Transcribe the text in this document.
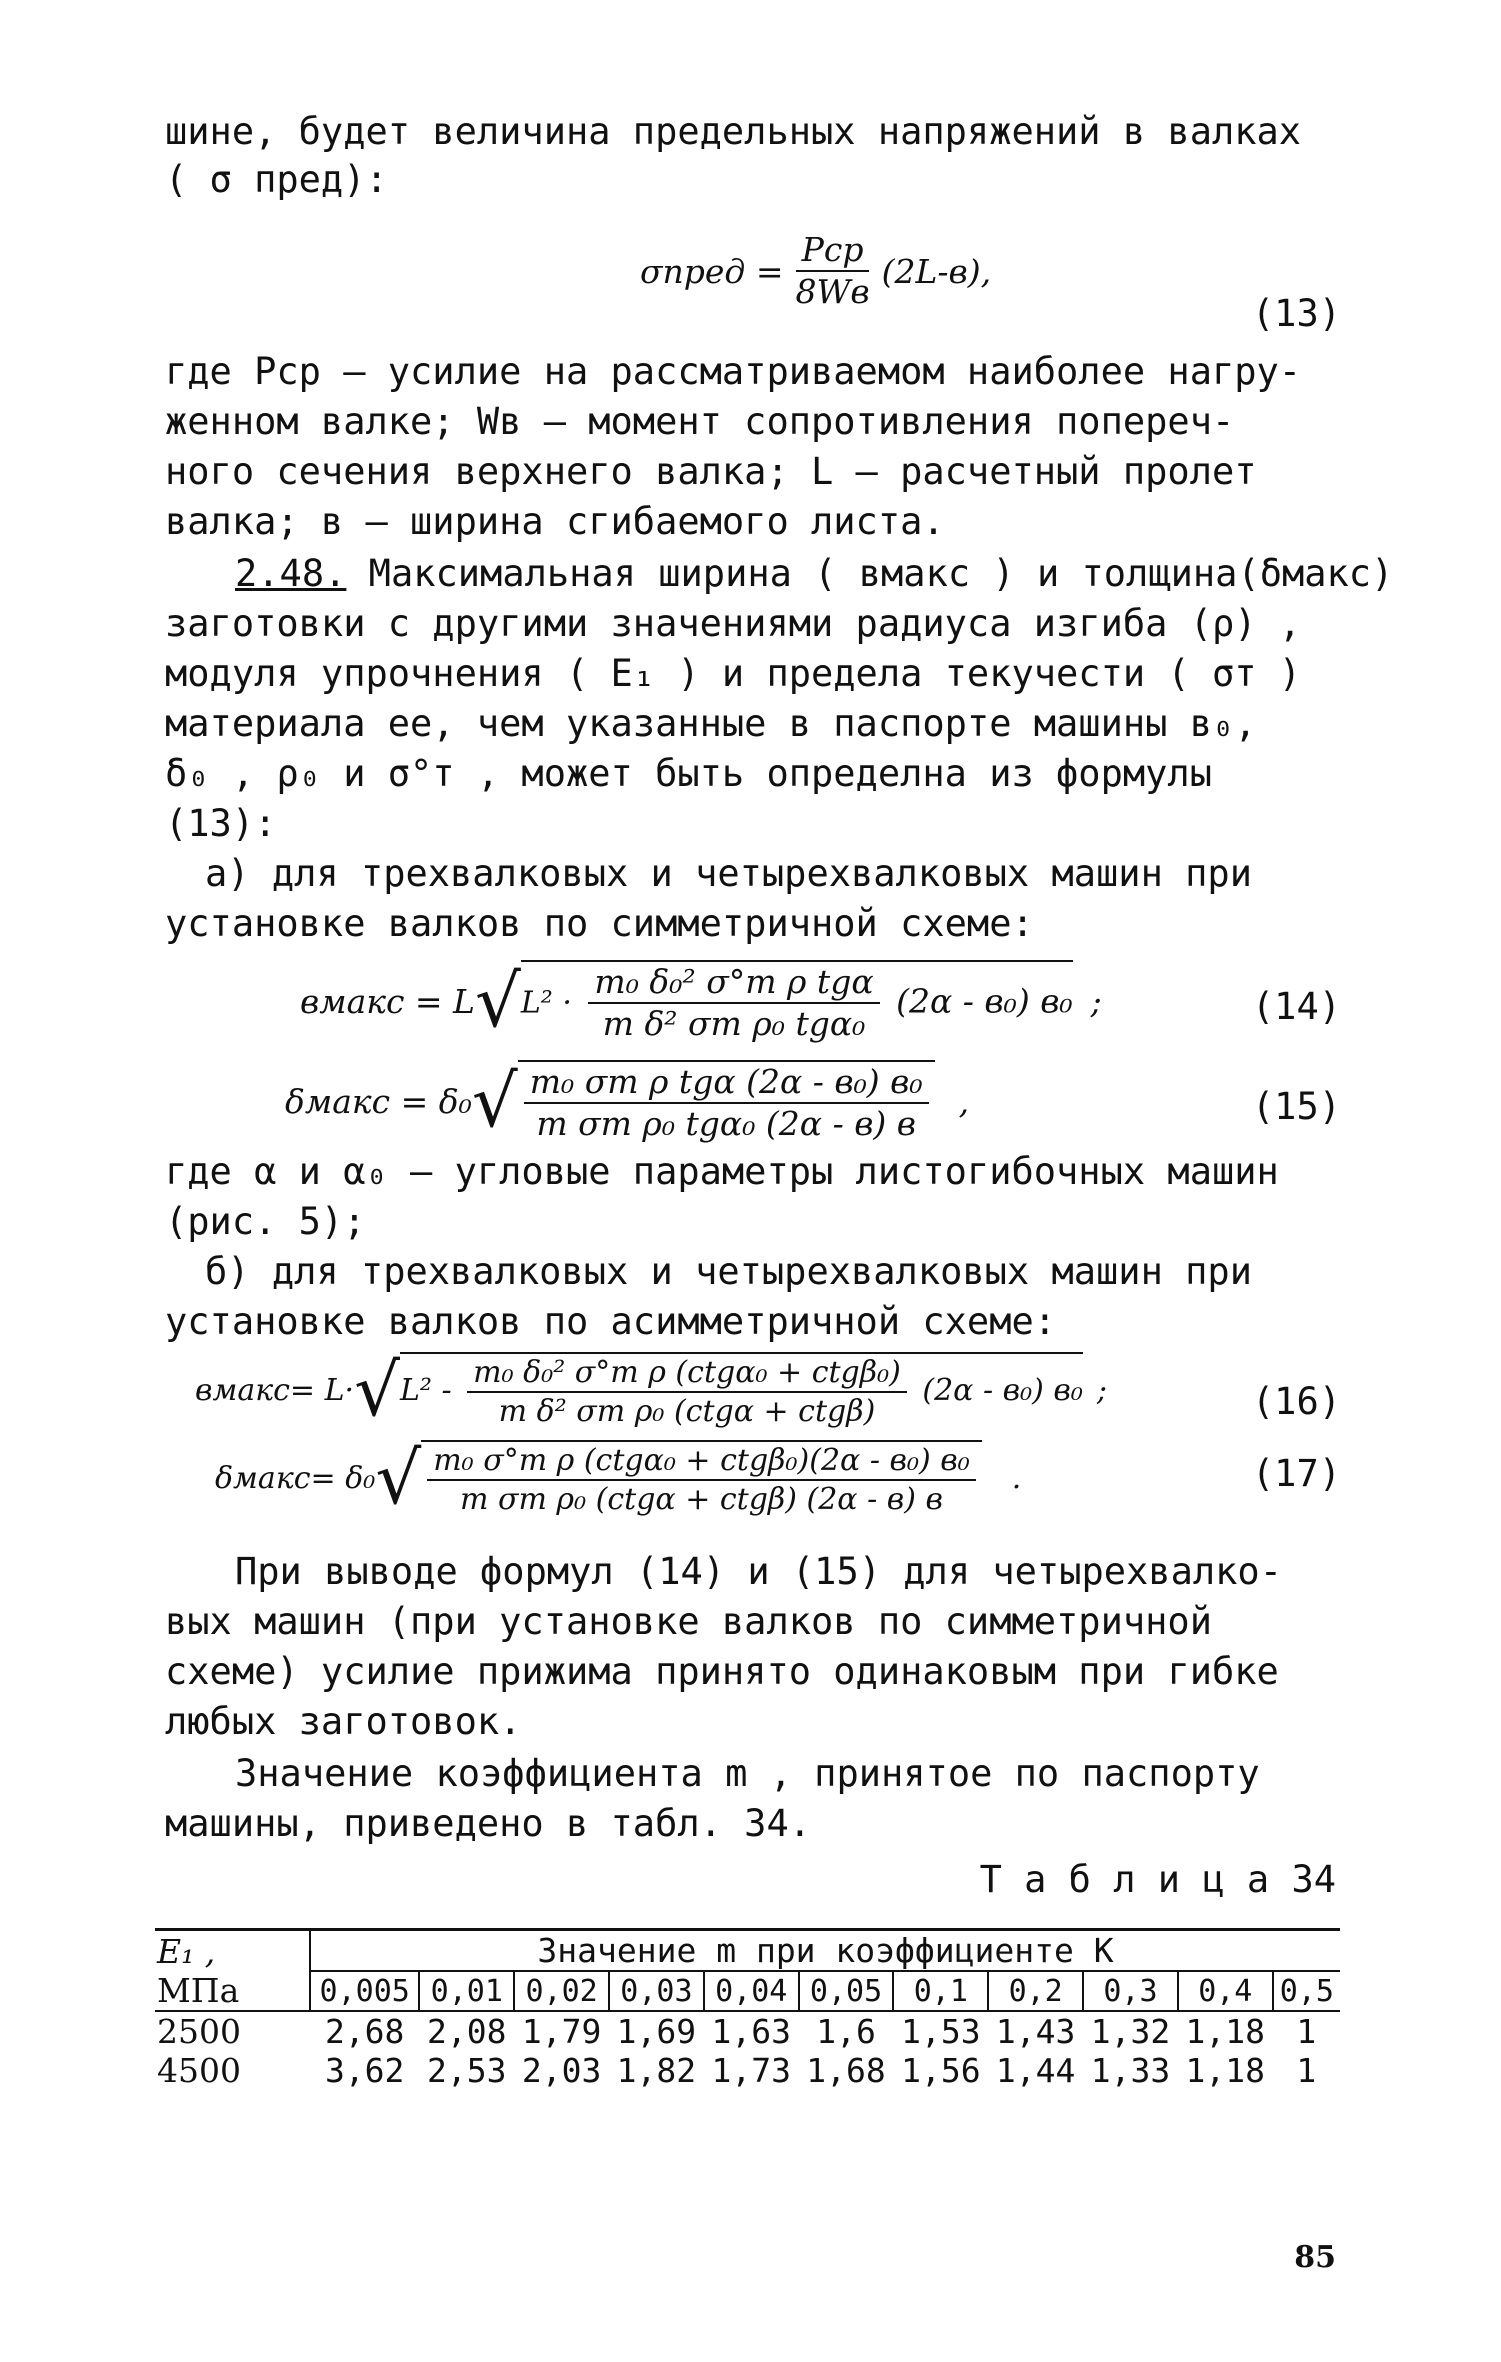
шине, будет величина предельных напряжений в валках
( σ пред):
σпред = $\frac{\text{Pср}}{8Wв} (2L-в)$,
(13)
где Pср – усилие на рассматриваемом наиболее нагру-
женном валке; Wв – момент сопротивления попереч-
ного сечения верхнего валка; L – расчетный пролет
валка; в – ширина сгибаемого листа.
2.48. Максимальная ширина ( вмакс ) и толщина(δмакс)
заготовки с другими значениями радиуса изгиба (ρ) ,
модуля упрочнения ( E₁ ) и предела текучести ( σт )
материала ее, чем указанные в паспорте машины в₀,
δ₀ , ρ₀ и σ°т , может быть определна из формулы
(13):
а) для трехвалковых и четырехвалковых машин при
установке валков по симметричной схеме:
вмакс = L √ $L^2 \cdot \frac{\text{m₀ δ₀² σ°т ρ tgα}}{\text{m δ² σт ρ₀ tgα₀}} (2\alpha - в_0)$ в₀ ;	(14)
δмакс = δ₀ √ $\frac{\text{m₀ σт ρ tgα (2α - в₀) в₀}}{\text{m σт ρ₀ tgα₀ (2α - в) в}}$ ,	(15)
где α и α₀ – угловые параметры листогибочных машин
(рис. 5);
б) для трехвалковых и четырехвалковых машин при
установке валков по асимметричной схеме:
вмакс= L· √ $L^2 - \frac{\text{m₀ δ₀² σ°т ρ (ctgα₀ + ctgβ₀)}}{\text{m δ² σт ρ₀ (ctgα + ctgβ)}} (2\alpha - в_0)$ в₀ ;	(16)
δмакс= δ₀ √ $\frac{\text{m₀ σ°т ρ (ctgα₀ + ctgβ₀)(2α - в₀) в₀}}{\text{m σт ρ₀ (ctgα + ctgβ) (2α - в) в}}$ .	(17)
При выводе формул (14) и (15) для четырехвалко-
вых машин (при установке валков по симметричной
схеме) усилие прижима принято одинаковым при гибке
любых заготовок.
Значение коэффициента m , принятое по паспорту
машины, приведено в табл. 34.
Т а б л и ц а 34
E₁ ,	Значение m при коэффициенте К										
МПа	0,005	0,01	0,02	0,03	0,04	0,05	0,1	0,2	0,3	0,4	0,5
2500	2,68	2,08	1,79	1,69	1,63	1,6	1,53	1,43	1,32	1,18	1
4500	3,62	2,53	2,03	1,82	1,73	1,68	1,56	1,44	1,33	1,18	1
85
